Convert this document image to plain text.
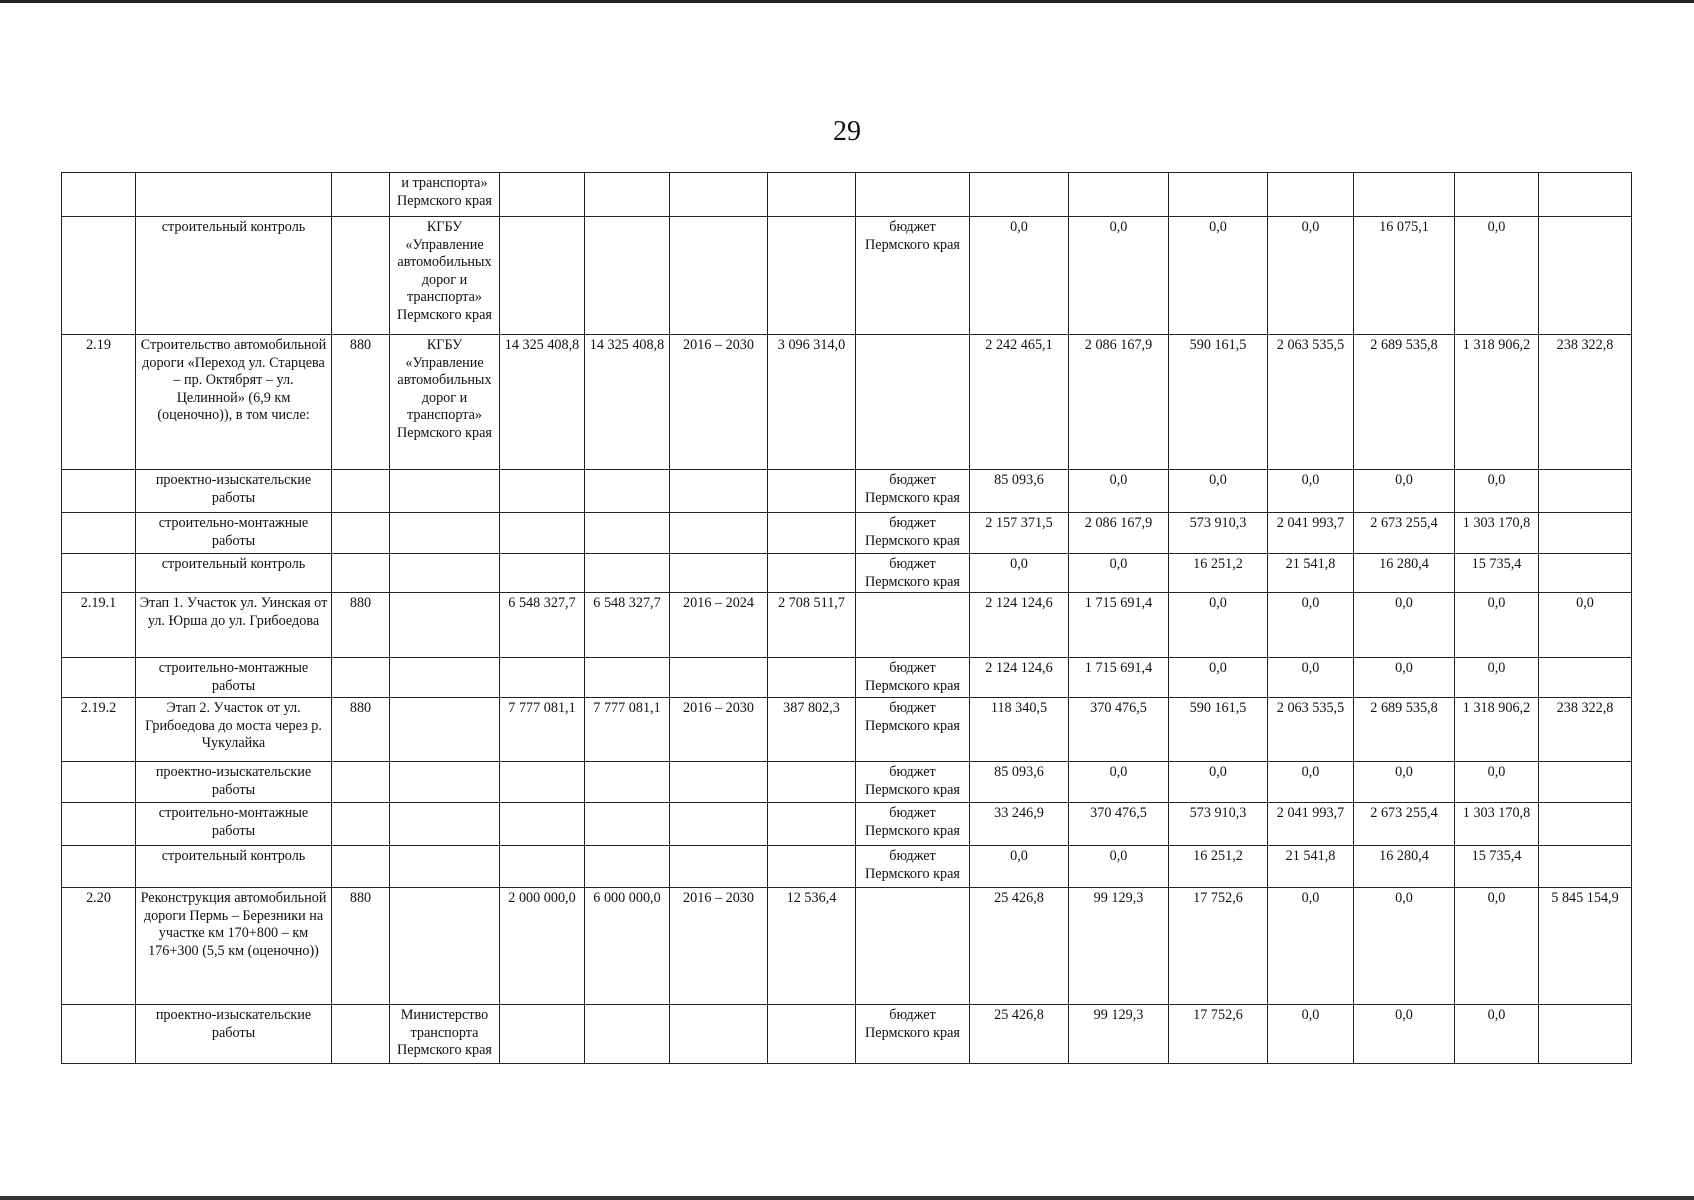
29
			и транспорта» Пермского края												
	строительный контроль		КГБУ «Управление автомобильных дорог и транспорта» Пермского края					бюджет Пермского края	0,0	0,0	0,0	0,0	16 075,1	0,0	
2.19	Строительство автомобильной дороги «Переход ул. Старцева – пр. Октябрят – ул. Целинной» (6,9 км (оценочно)), в том числе:	880	КГБУ «Управление автомобильных дорог и транспорта» Пермского края	14 325 408,8	14 325 408,8	2016 – 2030	3 096 314,0		2 242 465,1	2 086 167,9	590 161,5	2 063 535,5	2 689 535,8	1 318 906,2	238 322,8
	проектно-изыскательские работы							бюджет Пермского края	85 093,6	0,0	0,0	0,0	0,0	0,0	
	строительно-монтажные работы							бюджет Пермского края	2 157 371,5	2 086 167,9	573 910,3	2 041 993,7	2 673 255,4	1 303 170,8	
	строительный контроль							бюджет Пермского края	0,0	0,0	16 251,2	21 541,8	16 280,4	15 735,4	
2.19.1	Этап 1. Участок ул. Уинская от ул. Юрша до ул. Грибоедова	880		6 548 327,7	6 548 327,7	2016 – 2024	2 708 511,7		2 124 124,6	1 715 691,4	0,0	0,0	0,0	0,0	0,0
	строительно-монтажные работы							бюджет Пермского края	2 124 124,6	1 715 691,4	0,0	0,0	0,0	0,0	
2.19.2	Этап 2. Участок от ул. Грибоедова до моста через р. Чукулайка	880		7 777 081,1	7 777 081,1	2016 – 2030	387 802,3	бюджет Пермского края	118 340,5	370 476,5	590 161,5	2 063 535,5	2 689 535,8	1 318 906,2	238 322,8
	проектно-изыскательские работы							бюджет Пермского края	85 093,6	0,0	0,0	0,0	0,0	0,0	
	строительно-монтажные работы							бюджет Пермского края	33 246,9	370 476,5	573 910,3	2 041 993,7	2 673 255,4	1 303 170,8	
	строительный контроль							бюджет Пермского края	0,0	0,0	16 251,2	21 541,8	16 280,4	15 735,4	
2.20	Реконструкция автомобильной дороги Пермь – Березники на участке км 170+800 – км 176+300 (5,5 км (оценочно))	880		2 000 000,0	6 000 000,0	2016 – 2030	12 536,4		25 426,8	99 129,3	17 752,6	0,0	0,0	0,0	5 845 154,9
	проектно-изыскательские работы		Министерство транспорта Пермского края					бюджет Пермского края	25 426,8	99 129,3	17 752,6	0,0	0,0	0,0	
